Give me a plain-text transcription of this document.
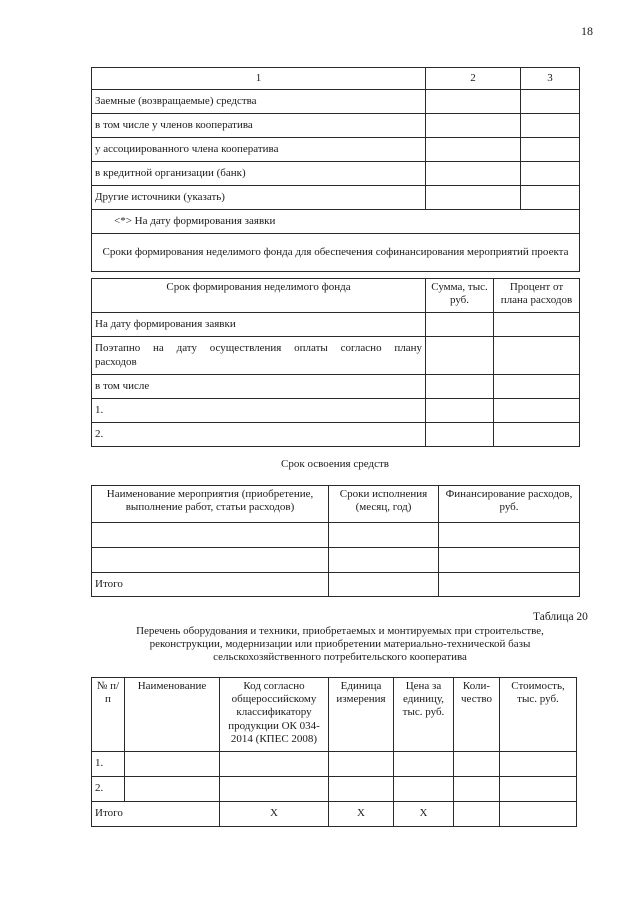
18
1	2	3
Заемные (возвращаемые) средства		
в том числе у членов кооператива		
у ассоциированного члена кооператива		
в кредитной организации (банк)		
Другие источники (указать)		
<*> На дату формирования заявки		
Сроки формирования неделимого фонда для обеспечения софинансирования мероприятий проекта		
Срок формирования неделимого фонда	Сумма, тыс. руб.	Процент от плана расходов
На дату формирования заявки		

Поэтапно на дату осуществления оплаты согласно плану
расходов		

в том числе		
1.		
2.		
Срок освоения средств
Наименование мероприятия (приобретение, выполнение работ, статьи расходов)	Сроки исполнения (месяц, год)	Финансирование расходов, руб.

Итого		
Таблица 20
Перечень оборудования и техники, приобретаемых и монтируемых при строительстве, реконструкции, модернизации или приобретении материально-технической базы сельскохозяйственного потребительского кооператива
№ п/п	Наименование	Код согласно общероссийскому классификатору продукции ОК 034-2014 (КПЕС 2008)	Единица измерения	Цена за единицу, тыс. руб.	Коли-чество	Стоимость, тыс. руб.
1.						
2.						
Итого		X	X	X		
